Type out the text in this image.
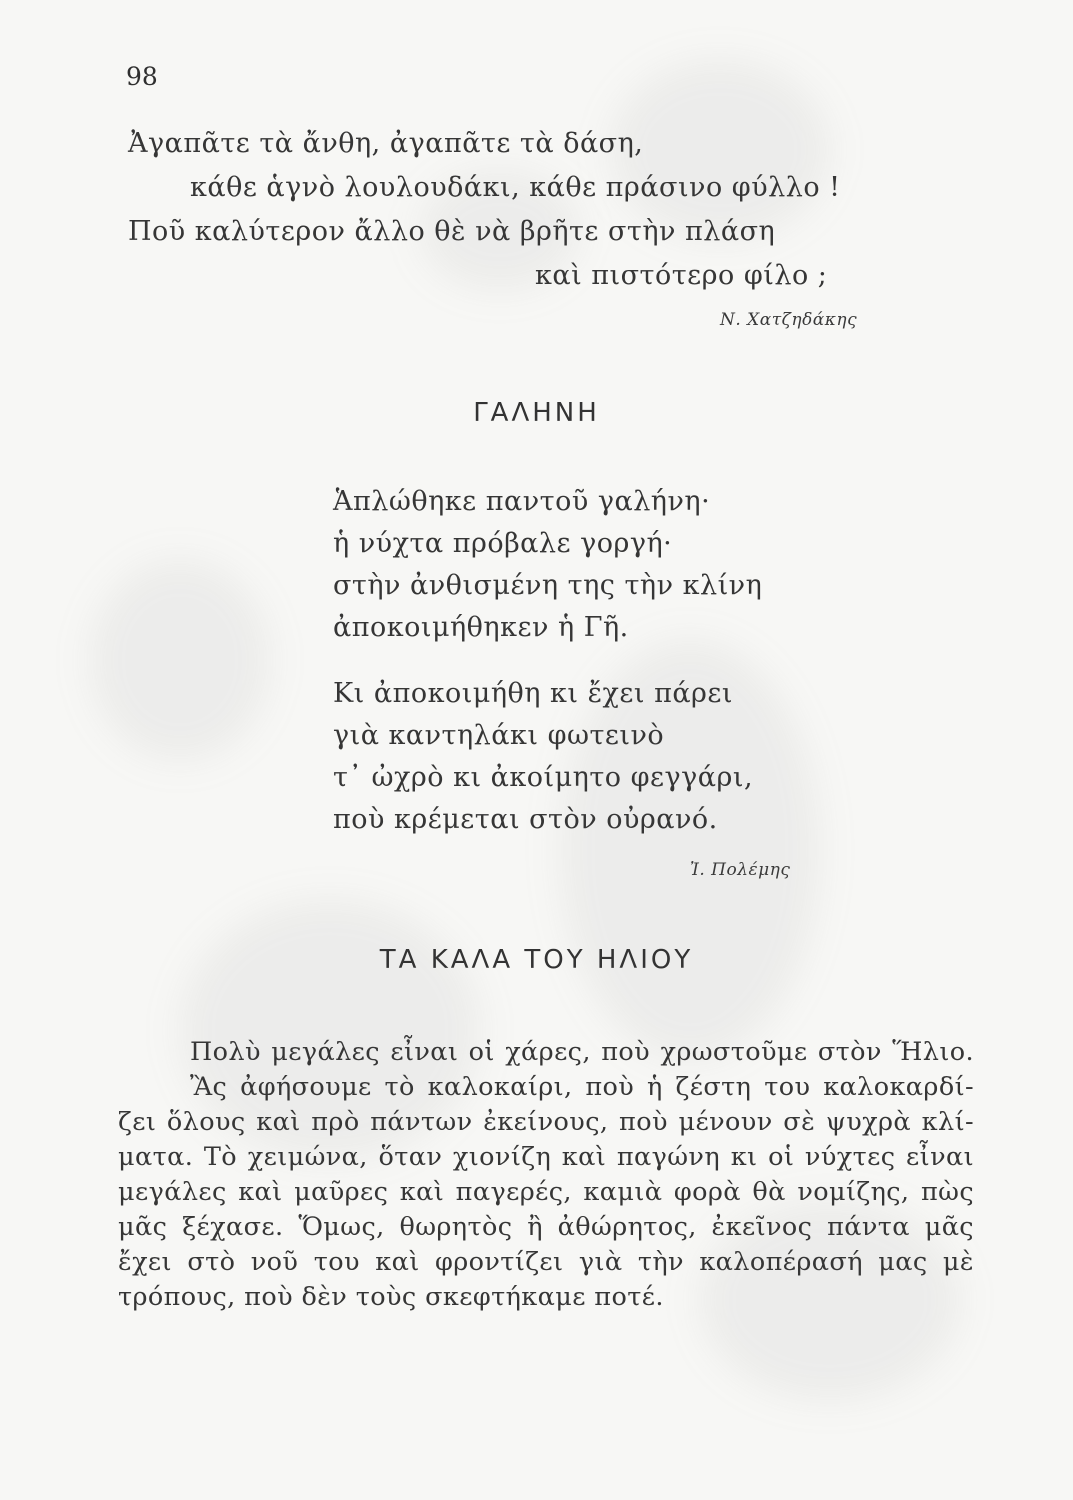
98
Ἀγαπᾶτε τὰ ἄνθη, ἀγαπᾶτε τὰ δάση,
κάθε ἁγνὸ λουλουδάκι, κάθε πράσινο φύλλο !
Ποῦ καλύτερον ἄλλο θὲ νὰ βρῆτε στὴν πλάση
καὶ πιστότερο φίλο ;
Ν. Χατζηδάκης
ΓΑΛΗΝΗ
Ἁπλώθηκε παντοῦ γαλήνη·
ἡ νύχτα πρόβαλε γοργή·
στὴν ἀνθισμένη της τὴν κλίνη
ἀποκοιμήθηκεν ἡ Γῆ.
Κι ἀποκοιμήθη κι ἔχει πάρει
γιὰ καντηλάκι φωτεινὸ
τ᾽ ὠχρὸ κι ἀκοίμητο φεγγάρι,
ποὺ κρέμεται στὸν οὐρανό.
Ἰ. Πολέμης
ΤΑ ΚΑΛΑ ΤΟΥ ΗΛΙΟΥ
Πολὺ μεγάλες εἶναι οἱ χάρες, ποὺ χρωστοῦμε στὸν Ἥλιο.
Ἂς ἀφήσουμε τὸ καλοκαίρι, ποὺ ἡ ζέστη του καλοκαρδί-
ζει ὅλους καὶ πρὸ πάντων ἐκείνους, ποὺ μένουν σὲ ψυχρὰ κλί-
ματα. Τὸ χειμώνα, ὅταν χιονίζη καὶ παγώνη κι οἱ νύχτες εἶναι
μεγάλες καὶ μαῦρες καὶ παγερές, καμιὰ φορὰ θὰ νομίζης, πὼς
μᾶς ξέχασε. Ὅμως, θωρητὸς ἢ ἀθώρητος, ἐκεῖνος πάντα μᾶς
ἔχει στὸ νοῦ του καὶ φροντίζει γιὰ τὴν καλοπέρασή μας μὲ
τρόπους, ποὺ δὲν τοὺς σκεφτήκαμε ποτέ.
